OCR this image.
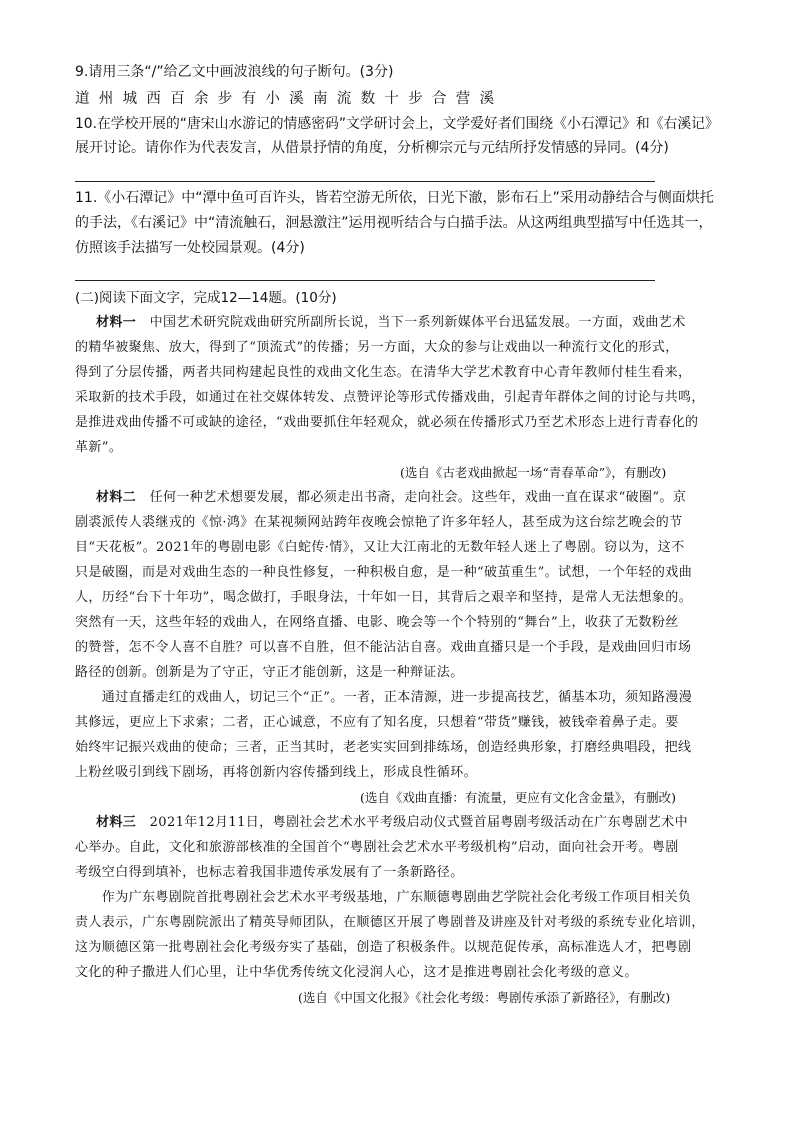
9.请用三条“/”给乙文中画波浪线的句子断句。(3分)
道州城西百余步有小溪南流数十步合营溪
10.在学校开展的“唐宋山水游记的情感密码”文学研讨会上，文学爱好者们围绕《小石潭记》和《右溪记》
展开讨论。请你作为代表发言，从借景抒情的角度，分析柳宗元与元结所抒发情感的异同。(4分)
11.《小石潭记》中“潭中鱼可百许头，皆若空游无所依，日光下澈，影布石上”采用动静结合与侧面烘托
的手法，《右溪记》中“清流触石，洄悬激注”运用视听结合与白描手法。从这两组典型描写中任选其一，
仿照该手法描写一处校园景观。(4分)
(二)阅读下面文字，完成12—14题。(10分)
材料一　中国艺术研究院戏曲研究所副所长说，当下一系列新媒体平台迅猛发展。一方面，戏曲艺术
的精华被聚焦、放大，得到了“顶流式”的传播；另一方面，大众的参与让戏曲以一种流行文化的形式，
得到了分层传播，两者共同构建起良性的戏曲文化生态。在清华大学艺术教育中心青年教师付桂生看来，
采取新的技术手段，如通过在社交媒体转发、点赞评论等形式传播戏曲，引起青年群体之间的讨论与共鸣，
是推进戏曲传播不可或缺的途径，“戏曲要抓住年轻观众，就必须在传播形式乃至艺术形态上进行青春化的
革新”。
(选自《古老戏曲掀起一场“青春革命”》，有删改)
材料二　任何一种艺术想要发展，都必须走出书斋，走向社会。这些年，戏曲一直在谋求“破圈”。京
剧裘派传人裘继戎的《惊·鸿》在某视频网站跨年夜晚会惊艳了许多年轻人，甚至成为这台综艺晚会的节
目“天花板”。2021年的粤剧电影《白蛇传·情》，又让大江南北的无数年轻人迷上了粤剧。窃以为，这不
只是破圈，而是对戏曲生态的一种良性修复，一种积极自愈，是一种“破茧重生”。试想，一个年轻的戏曲
人，历经“台下十年功”，喝念做打，手眼身法，十年如一日，其背后之艰辛和坚持，是常人无法想象的。
突然有一天，这些年轻的戏曲人，在网络直播、电影、晚会等一个个特别的“舞台”上，收获了无数粉丝
的赞誉，怎不令人喜不自胜？可以喜不自胜，但不能沾沾自喜。戏曲直播只是一个手段，是戏曲回归市场
路径的创新。创新是为了守正，守正才能创新，这是一种辩证法。
　　通过直播走红的戏曲人，切记三个“正”。一者，正本清源，进一步提高技艺，循基本功，须知路漫漫
其修远，更应上下求索；二者，正心诚意，不应有了知名度，只想着“带货”赚钱，被钱牵着鼻子走。要
始终牢记振兴戏曲的使命；三者，正当其时，老老实实回到排练场，创造经典形象，打磨经典唱段，把线
上粉丝吸引到线下剧场，再将创新内容传播到线上，形成良性循环。
(选自《戏曲直播：有流量，更应有文化含金量》，有删改)
材料三　2021年12月11日，粤剧社会艺术水平考级启动仪式暨首届粤剧考级活动在广东粤剧艺术中
心举办。自此，文化和旅游部核准的全国首个“粤剧社会艺术水平考级机构”启动，面向社会开考。粤剧
考级空白得到填补，也标志着我国非遗传承发展有了一条新路径。
　　作为广东粤剧院首批粤剧社会艺术水平考级基地，广东顺德粤剧曲艺学院社会化考级工作项目相关负
责人表示，广东粤剧院派出了精英导师团队，在顺德区开展了粤剧普及讲座及针对考级的系统专业化培训，
这为顺德区第一批粤剧社会化考级夯实了基础，创造了积极条件。以规范促传承，高标准选人才，把粤剧
文化的种子撒进人们心里，让中华优秀传统文化浸润人心，这才是推进粤剧社会化考级的意义。
(选自《中国文化报》《社会化考级：粤剧传承添了新路径》，有删改)
